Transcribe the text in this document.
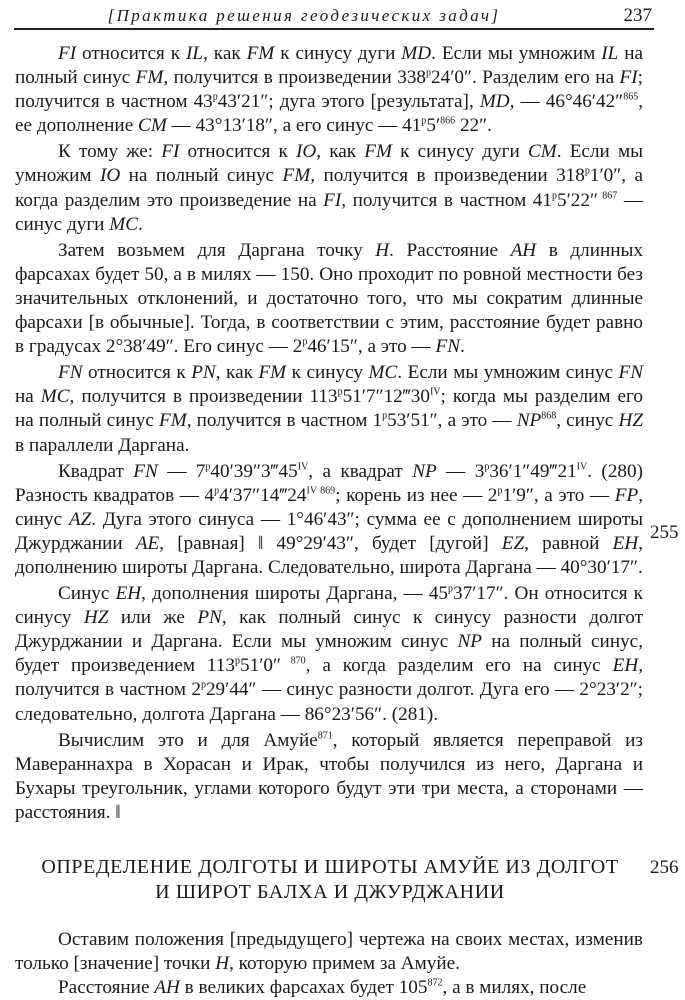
[Практика решения геодезических задач]	237

FI относится к IL, как FM к синусу дуги MD. Если мы умножим IL на полный синус FM, получится в произведении 338$^p$24′0″. Разделим его на FI; получится в частном 43$^p$43′21″; дуга этого [результата], MD, — 46°46′42″$^{865}$, ее дополнение CM — 43°13′18″, а его синус — $41^p5'^{866}$ 22″.

К тому же: FI относится к IO, как FM к синусу дуги CM. Если мы умножим IO на полный синус FM, получится в произведении 318$^p$1′0″, а когда разделим это произведение на FI, получится в частном 41$^p$5′22″ $^{867}$ — синус дуги MC.

Затем возьмем для Даргана точку H. Расстояние AH в длинных фарсахах будет 50, а в милях — 150. Оно проходит по ровной местности без значительных отклонений, и достаточно того, что мы сократим длинные фарсахи [в обычные]. Тогда, в соответствии с этим, расстояние будет равно в градусах 2°38′49″. Его синус — 2$^p$46′15″, а это — FN.

FN относится к PN, как FM к синусу MC. Если мы умножим синус FN на MC, получится в произведении $113^p51'7''12‴30^{IV}$; когда мы разделим его на полный синус FM, получится в частном 1$^p$53′51″, а это — NP$^{868}$, синус HZ в параллели Даргана.

Квадрат FN — $7^p40'39''3‴45^{IV}$, а квадрат NP — $3^p36'1''49‴21^{IV}$. (280) Разность квадратов — $4^p4'37''14‴24^{IV 869}$; корень из нее — 2$^p$1′9″, а это — FP, синус AZ. Дуга этого синуса — 1°46′43″; сумма ее с дополнением широты Джурджании AE, [равная] ‖ 49°29′43″, будет [дугой] EZ, равной EH, дополнению широты Даргана. Следовательно, широта Даргана — 40°30′17″.

Синус EH, дополнения широты Даргана, — 45$^p$37′17″. Он относится к синусу HZ или же PN, как полный синус к синусу разности долгот Джурджании и Даргана. Если мы умножим синус NP на полный синус, будет произведением 113$^p$51′0″ $^{870}$, а когда разделим его на синус EH, получится в частном 2$^p$29′44″ — синус разности долгот. Дуга его — 2°23′2″; следовательно, долгота Даргана — 86°23′56″. (281).

Вычислим это и для Амуйе$^{871}$, который является переправой из Мавераннахра в Хорасан и Ирак, чтобы получился из него, Даргана и Бухары треугольник, углами которого будут эти три места, а сторонами — расстояния. ‖

255
256
ОПРЕДЕЛЕНИЕ ДОЛГОТЫ И ШИРОТЫ АМУЙЕ ИЗ ДОЛГОТ
И ШИРОТ БАЛХА И ДЖУРДЖАНИИ

Оставим положения [предыдущего] чертежа на своих местах, изменив только [значение] точки H, которую примем за Амуйе.

Расстояние AH в великих фарсахах будет $105^{872}$, а в милях, после
